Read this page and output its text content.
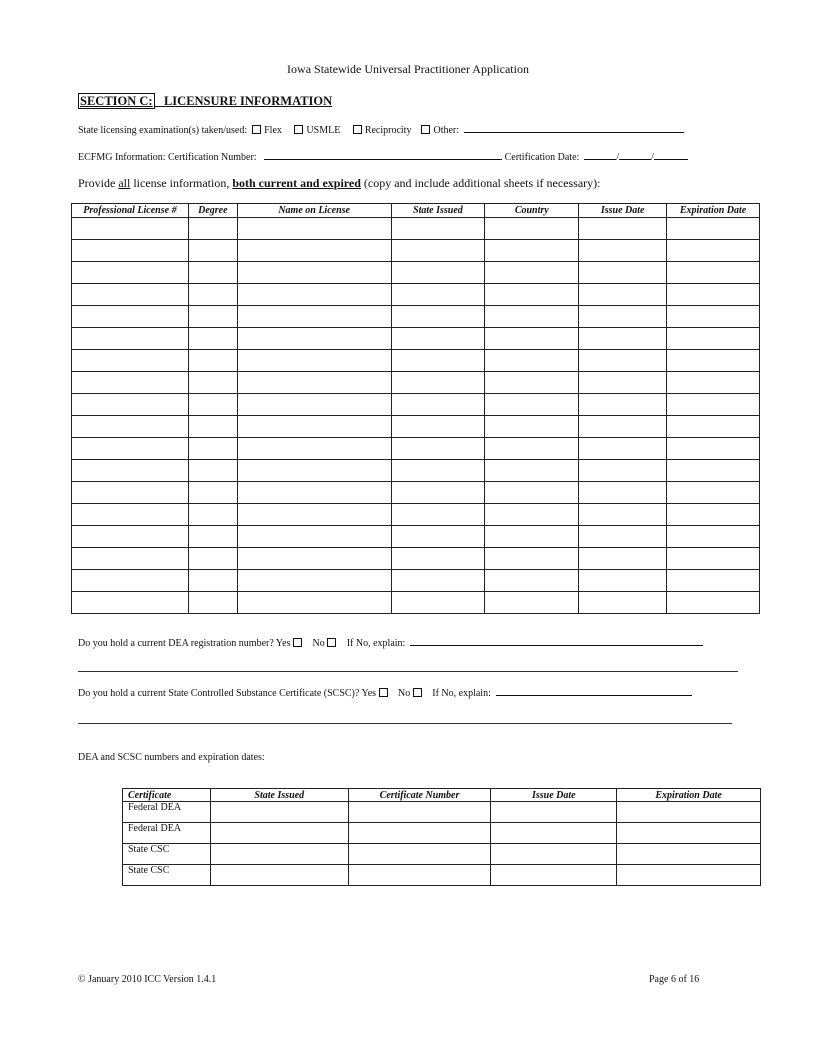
Iowa Statewide Universal Practitioner Application
SECTION C: LICENSURE INFORMATION
State licensing examination(s) taken/used: Flex USMLE Reciprocity Other:
ECFMG Information: Certification Number:	Certification Date:	/	/
Provide all license information, both current and expired (copy and include additional sheets if necessary):
Professional License #	Degree	Name on License	State Issued	Country	Issue Date	Expiration Date

Do you hold a current DEA registration number? Yes No If No, explain:
Do you hold a current State Controlled Substance Certificate (SCSC)? Yes No If No, explain:
DEA and SCSC numbers and expiration dates:
Certificate	State Issued	Certificate Number	Issue Date	Expiration Date
Federal DEA				
Federal DEA				
State CSC				
State CSC				
© January 2010 ICC Version 1.4.1	Page 6 of 16
